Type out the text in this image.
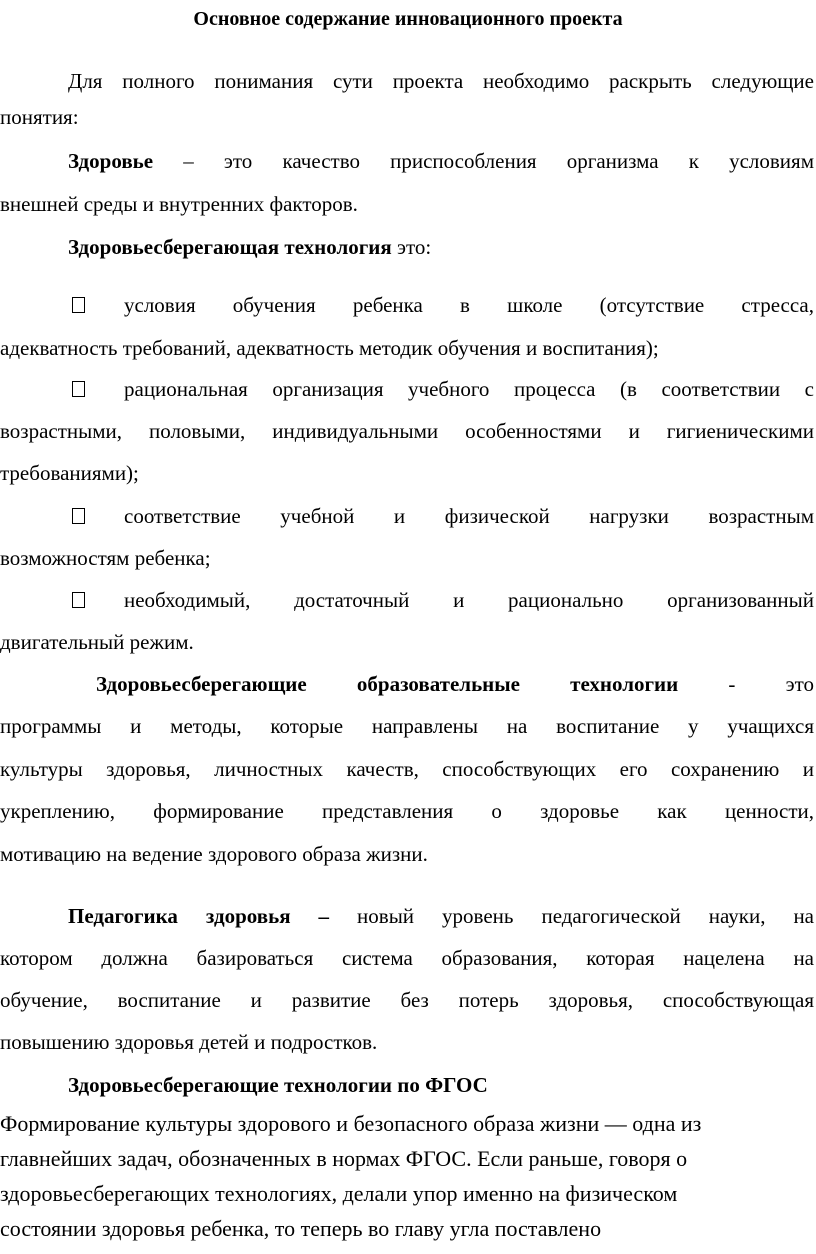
Основное содержание инновационного проекта
Для полного понимания сути проекта необходимо раскрыть следующие
понятия:
Здоровье – это качество приспособления организма к условиям
внешней среды и внутренних факторов.
Здоровьесберегающая технология это:
условия обучения ребенка в школе (отсутствие стресса,
адекватность требований, адекватность методик обучения и воспитания);
рациональная организация учебного процесса (в соответствии с
возрастными, половыми, индивидуальными особенностями и гигиеническими
требованиями);
соответствие учебной и физической нагрузки возрастным
возможностям ребенка;
необходимый, достаточный и рационально организованный
двигательный режим.
Здоровьесберегающие образовательные технологии - это
программы и методы, которые направлены на воспитание у учащихся
культуры здоровья, личностных качеств, способствующих его сохранению и
укреплению, формирование представления о здоровье как ценности,
мотивацию на ведение здорового образа жизни.
Педагогика здоровья – новый уровень педагогической науки, на
котором должна базироваться система образования, которая нацелена на
обучение, воспитание и развитие без потерь здоровья, способствующая
повышению здоровья детей и подростков.
Здоровьесберегающие технологии по ФГОС
Формирование культуры здорового и безопасного образа жизни — одна из
главнейших задач, обозначенных в нормах ФГОС. Если раньше, говоря о
здоровьесберегающих технологиях, делали упор именно на физическом
состоянии здоровья ребенка, то теперь во главу угла поставлено
